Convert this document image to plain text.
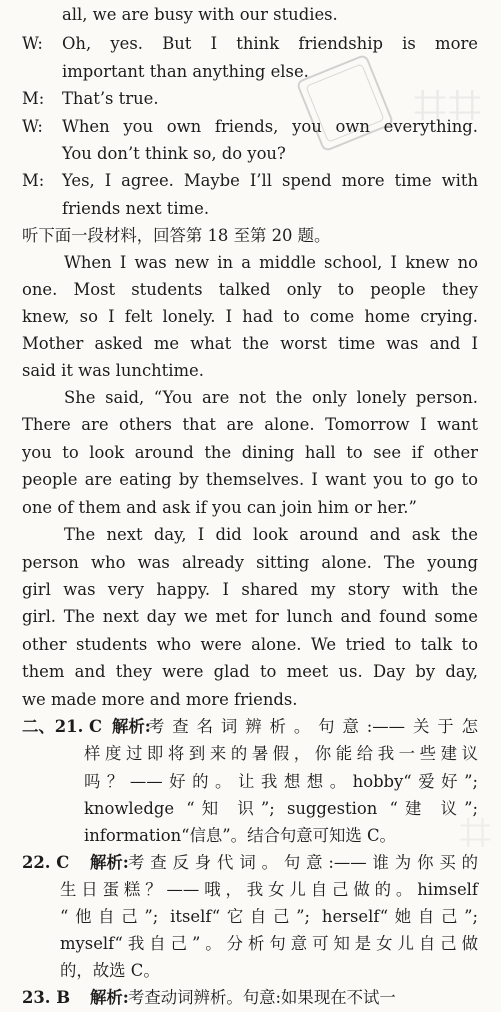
⌗⌗
⌗
all, we are busy with our studies.
W: Oh, yes. But I think friendship is more
important than anything else.
M: That’s true.
W: When you own friends, you own everything.
You don’t think so, do you?
M: Yes, I agree. Maybe I’ll spend more time with
friends next time.
听下面一段材料，回答第 18 至第 20 题。
When I was new in a middle school, I knew no
one. Most students talked only to people they
knew, so I felt lonely. I had to come home crying.
Mother asked me what the worst time was and I
said it was lunchtime.
She said, “You are not the only lonely person.
There are others that are alone. Tomorrow I want
you to look around the dining hall to see if other
people are eating by themselves. I want you to go to
one of them and ask if you can join him or her.”
The next day, I did look around and ask the
person who was already sitting alone. The young
girl was very happy. I shared my story with the
girl. The next day we met for lunch and found some
other students who were alone. We tried to talk to
them and they were glad to meet us. Day by day,
we made more and more friends.
二、21. C 解析:
考查名词辨析。句意:——关于怎
样度过即将到来的暑假，你能给我一些建议
吗？——好的。让我想想。hobby“爱好”;
knowledge “知 识”; suggestion “建 议”;
information“信息”。结合句意可知选 C。
22. C 解析: 考查反身代词。句意:——谁为你买的
生日蛋糕？——哦，我女儿自己做的。himself
“他自己”; itself“它自己”; herself“她自己”;
myself“我自己”。分析句意可知是女儿自己做
的，故选 C。
23. B 解析: 考查动词辨析。句意:如果现在不试一
